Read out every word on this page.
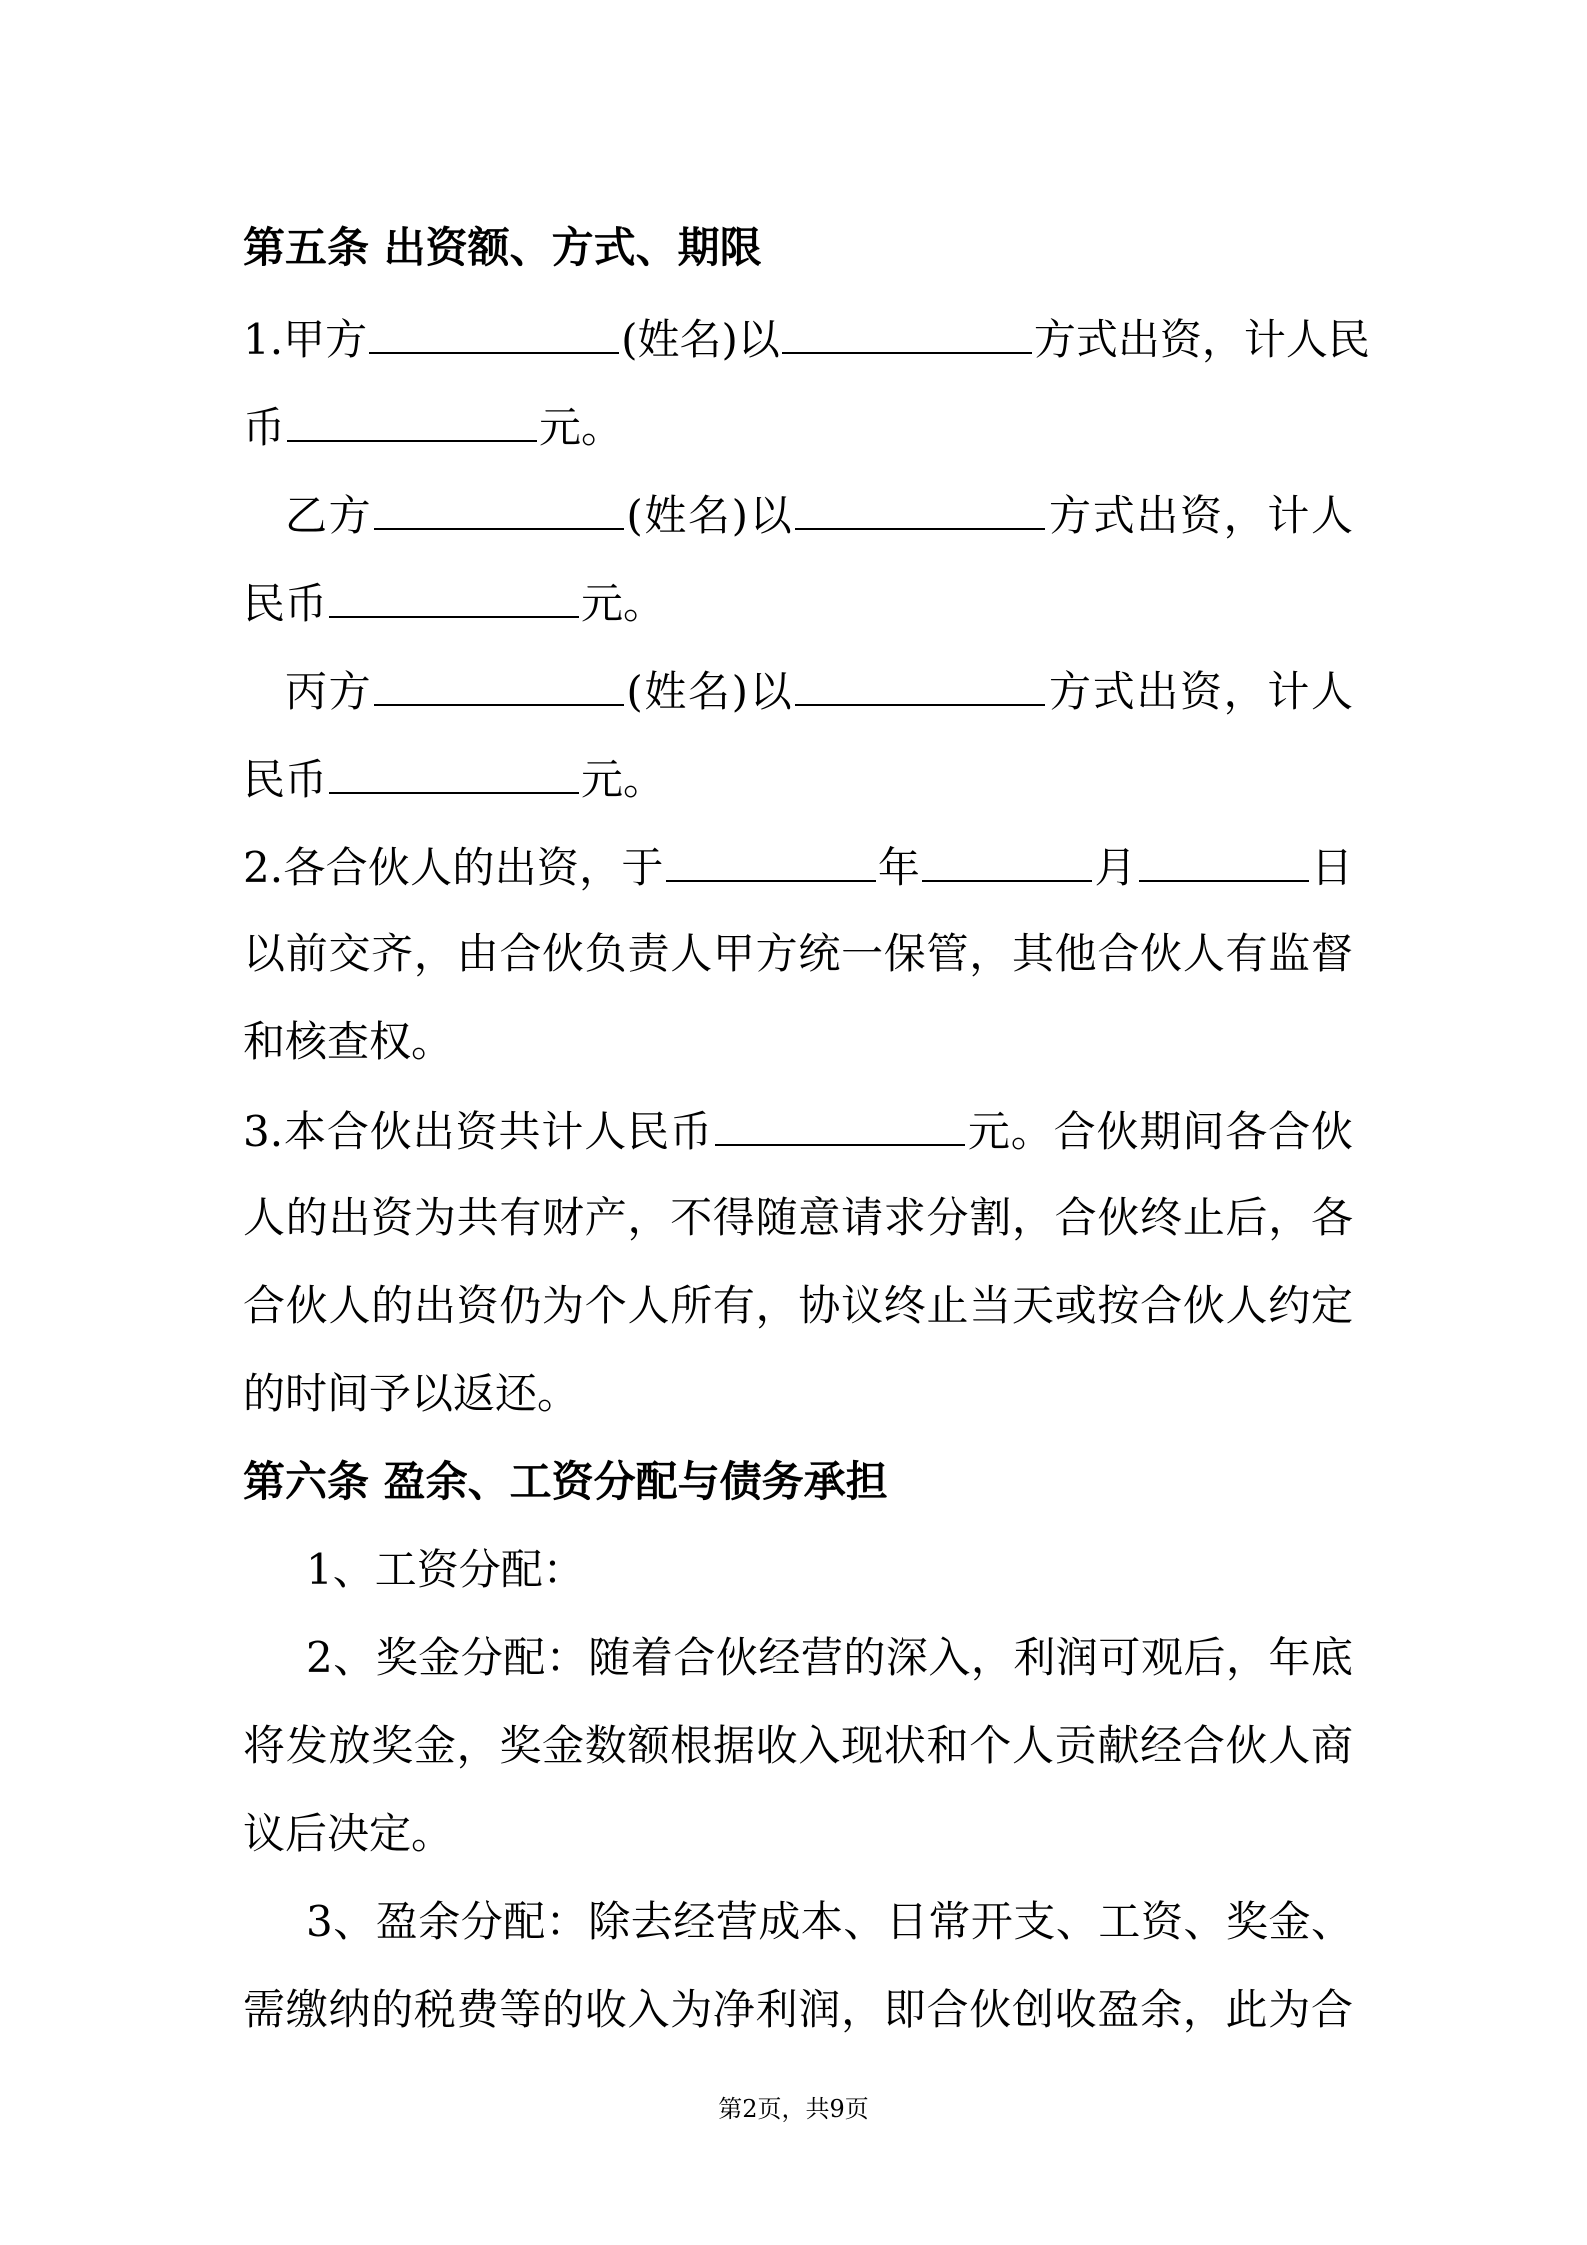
第五条 出资额、方式、期限
1.甲方	(姓名)以	方式出资，计人民
币	元。
乙方	(姓名)以	方式出资，计人
民币	元。
丙方	(姓名)以	方式出资，计人
民币	元。
2.各合伙人的出资，于	年	月	日
以前交齐，由合伙负责人甲方统一保管，其他合伙人有监督
和核查权。
3.本合伙出资共计人民币	元。合伙期间各合伙
人的出资为共有财产，不得随意请求分割，合伙终止后，各
合伙人的出资仍为个人所有，协议终止当天或按合伙人约定
的时间予以返还。
第六条 盈余、工资分配与债务承担
1、工资分配：
2、奖金分配：随着合伙经营的深入，利润可观后，年底
将发放奖金，奖金数额根据收入现状和个人贡献经合伙人商
议后决定。
3、盈余分配：除去经营成本、日常开支、工资、奖金、
需缴纳的税费等的收入为净利润，即合伙创收盈余，此为合
第2页，共9页
